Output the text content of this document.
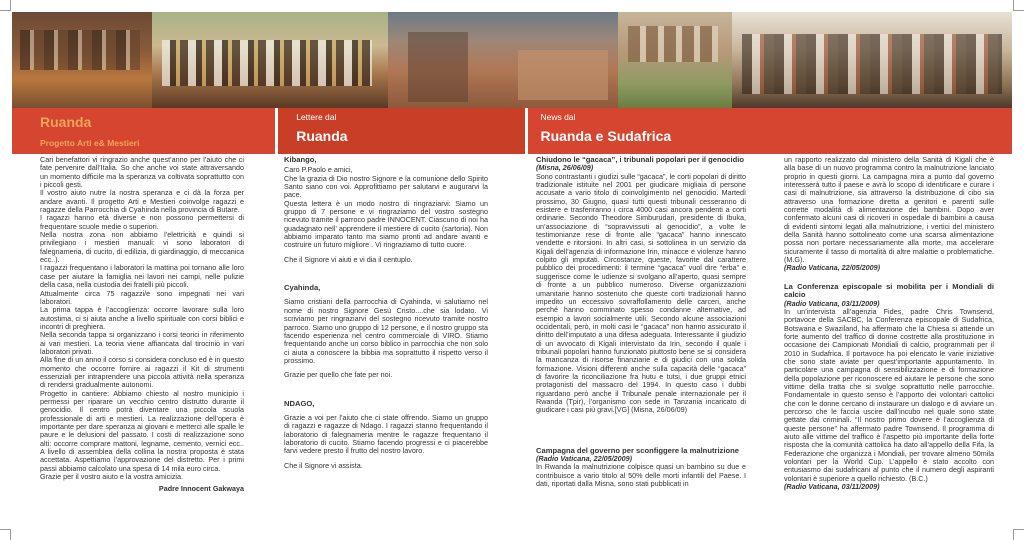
Ruanda
Progetto Arti e& Mestieri
Lettere dal
Ruanda
News dal
Ruanda e Sudafrica

Cari benefattori vi ringrazio anche quest’anno per l’aiuto che ci fate pervenire dall’Italia. So che anche voi state attraversando un momento difficile ma la speranza va coltivata soprattutto con i piccoli gesti.

Il vostro aiuto nutre la nostra speranza e ci dà la forza per andare avanti. Il progetto Arti e Mestieri coinvolge ragazzi e ragazze della Parrocchia di Cyahinda nella provincia di Butare.

I ragazzi hanno età diverse e non possono permettersi di frequentare scuole medie o superiori.

Nella nostra zona non abbiamo l’elettricità e quindi si privilegiano i mestieri manuali: vi sono laboratori di falegnameria, di cucito, di edilizia, di giardinaggio, di meccanica ecc..).

I ragazzi frequentano i laboratori la mattina poi tornano alle loro case per aiutare la famiglia nei lavori nei campi, nelle pulizie della casa, nella custodia dei fratelli più piccoli.

Attualmente circa 75 ragazzi/e sono impegnati nei vari laboratori.

La prima tappa è l’accoglienza: occorre lavorare sulla loro autostima, ci si aiuta anche a livello spirituale con corsi biblici e incontri di preghiera.

Nella seconda tappa si organizzano i corsi teorici in riferimento ai vari mestieri. La teoria viene affiancata dal tirocinio in vari laboratori privati.

Alla fine di un anno il corso si considera concluso ed è in questo momento che occorre fornire ai ragazzi il Kit di strumenti essenziali per intraprendere una piccola attività nella speranza di rendersi gradualmente autonomi.

Progetto in cantiere: Abbiamo chiesto al nostro municipio i permessi per riparare un vecchio centro distrutto durante il genocidio. Il centro potrà diventare una piccola scuola professionale di arti e mestieri. La realizzazione dell’opera è importante per dare speranza ai giovani e metterci alle spalle le paure e le delusioni del passato. I costi di realizzazione sono alti: occorre comprare mattoni, legname, cemento, vernici ecc.. A livello di assemblea della collina la nostra proposta è stata accettata. Aspettiamo l’approvazione del distretto. Per i primi passi abbiamo calcolato una spesa di 14 mila euro circa.

Grazie per il vostro aiuto e la vostra amicizia.

Padre Innocent Gakwaya
Kibango,

Caro P.Paolo e amici,

Che la grazia di Dio nostro Signore e la comunione dello Spirito Santo siano con voi. Approfittiamo per salutarvi e augurarvi la pace.

Questa lettera è un modo nostro di ringraziarvi: Siamo un gruppo di 7 persone e vi ringraziamo del vostro sostegno ricevuto tramite il parroco padre INNOCENT. Ciascuno di noi ha guadagnato nell’ apprendere il mestiere di cucito (sartoria). Non abbiamo imparato tanto ma siamo pronti ad andare avanti e costruire un futuro migliore . Vi ringraziamo di tutto cuore.

Che il Signore vi aiuti e vi dia il centuplo.

Cyahinda,

Siamo cristiani della parrocchia di Cyahinda, vi salutiamo nel nome di nostro Signore Gesù Cristo....che sia lodato. Vi scriviamo per ringraziarvi del sostegno ricevuto tramite nostro parroco. Siamo uno gruppo di 12 persone, e il nostro gruppo sta facendo esperienza nel centro commerciale di VIRO. Stiamo frequentando anche un corso biblico in parrocchia che non solo ci aiuta a conoscere la bibbia ma soprattutto il rispetto verso il prossimo.

Grazie per quello che fate per noi.

NDAGO,

Grazie a voi per l’aiuto che ci state offrendo. Siamo un gruppo di ragazzi e ragazze di Ndago. I ragazzi stanno frequentando il laboratorio di falegnameria mentre le ragazze frequentano il laboratorio di cucito. Stiamo facendo progressi e ci piacerebbe farvi vedere presto il frutto del nostro lavoro.

Che il Signore vi assista.

Chiudono le “gacaca”, i tribunali popolari per il genocidio
(Misna, 26/06/09)

Sono contrastanti i giudizi sulle “gacaca”, le corti popolari di diritto tradizionale istituite nel 2001 per giudicare migliaia di persone accusate a vario titolo di coinvolgimento nel genocidio. Martedì prossimo, 30 Giugno, quasi tutti questi tribunali cesseranno di esistere e trasferiranno i circa 4000 casi ancora pendenti a corti ordinarie. Secondo Theodore Simburudari, presidente di Ibuka, un’associazione di “sopravvissuti al genocidio”, a volte le testimonianze rese di fronte alle “gacaca” hanno innescato vendette e ritorsioni. In altri casi, si sottolinea in un servizio da Kigali dell’agenzia di informazione Irin, minacce e violenze hanno colpito gli imputati. Circostanze, queste, favorite dal carattere pubblico dei procedimenti: il termine “gacaca” vuol dire “erba” e suggerisce come le udienze si svolgano all’aperto, quasi sempre di fronte a un pubblico numeroso. Diverse organizzazioni umanitarie hanno sostenuto che queste corti tradizionali hanno impedito un eccessivo sovraffollamento delle carceri, anche perché hanno comminato spesso condanne alternative, ad esempio a lavori socialmente utili. Secondo alcune associazioni occidentali, però, in molti casi le “gacaca” non hanno assicurato il diritto dell’imputato a una difesa adeguata. Interessante il giudizio di un avvocato di Kigali intervistato da Irin, secondo il quale i tribunali popolari hanno funzionato piuttosto bene se si considera la mancanza di risorse finanziarie e di giudici con una solida formazione. Visioni differenti anche sulla capacità delle “gacaca” di favorire la riconciliazione fra hutu e tutsi, i due gruppi etnici protagonisti del massacro del 1994. In questo caso i dubbi riguardano però anche il Tribunale penale internazionale per il Rwanda (Tpir), l’organismo con sede in Tanzania incaricato di giudicare i casi più gravi.[VG] (Misna, 26/06/09)

Campagna del governo per sconfiggere la malnutrizione
(Radio Vaticana, 22/05/2009)

In Rwanda la malnutrizione colpisce quasi un bambino su due e contribuisce a vario titolo al 50% delle morti infantili del Paese. I dati, riportati dalla Misna, sono stati pubblicati in

un rapporto realizzato dal ministero della Sanità di Kigali che è alla base di un nuovo programma contro la malnutrizione lanciato proprio in questi giorni. La campagna mira a punto dal governo interesserà tutto il paese e avrà lo scopo di identificare e curare i casi di malnutrizione, sia attraverso la distribuzione di cibo sia attraverso una formazione diretta a genitori e parenti sulle corrette modalità di alimentazione dei bambini. Dopo aver confermato alcuni casi di ricoveri in ospedale di bambini a causa di evidenti sintomi legati alla malnutrizione, i vertici del ministero della Sanità hanno sottolineato come una scarsa alimentazione possa non portare necessariamente alla morte, ma accelerare sicuramente il tasso di mortalità di altre malattie o problematiche. (M.G).

(Radio Vaticana, 22/05/2009)
La Conferenza episcopale si mobilita per i Mondiali di calcio
(Radio Vaticana, 03/11/2009)

In un’intervista all’agenzia Fides, padre Chris Townsend, portavoce della SACBC, la Conferenza episcopale di Sudafrica, Botswana e Swaziland, ha affermato che la Chiesa si attende un forte aumento del traffico di donne costrette alla prostituzione in occasione dei Campionati Mondiali di calcio, programmati per il 2010 in Sudafrica. Il portavoce ha poi elencato le varie iniziative che sono state aviate per quest’importante appuntamento. In particolare una campagna di sensibilizzazione e di formazione della popolazione per riconoscere ed aiutare le persone che sono vittime della tratta che si svolge soprattutto nelle parrocchie. Fondamentale in questo senso è l’apporto dei volontari cattolici che con le donne cercano di instaurare un dialogo e di avviare un percorso che le faccia uscire dall’incubo nel quale sono state gettate dai criminali. “Il nostro primo dovere è l’accoglienza di queste persone” ha affermato padre Townsend. Il programma di aiuto alle vittime del traffico è l’aspetto più importante della forte risposta che la comunità cattolica ha dato all’appello della Fifa, la Federazione che organizza i Mondiali, per trovare almeno 50mila volontari per la World Cup. L’appello è stato accolto con entusiasmo dai sudafricani al punto che il numero degli aspiranti volontari è superiore a quello richiesto. (B.C.)

(Radio Vaticana, 03/11/2009)
